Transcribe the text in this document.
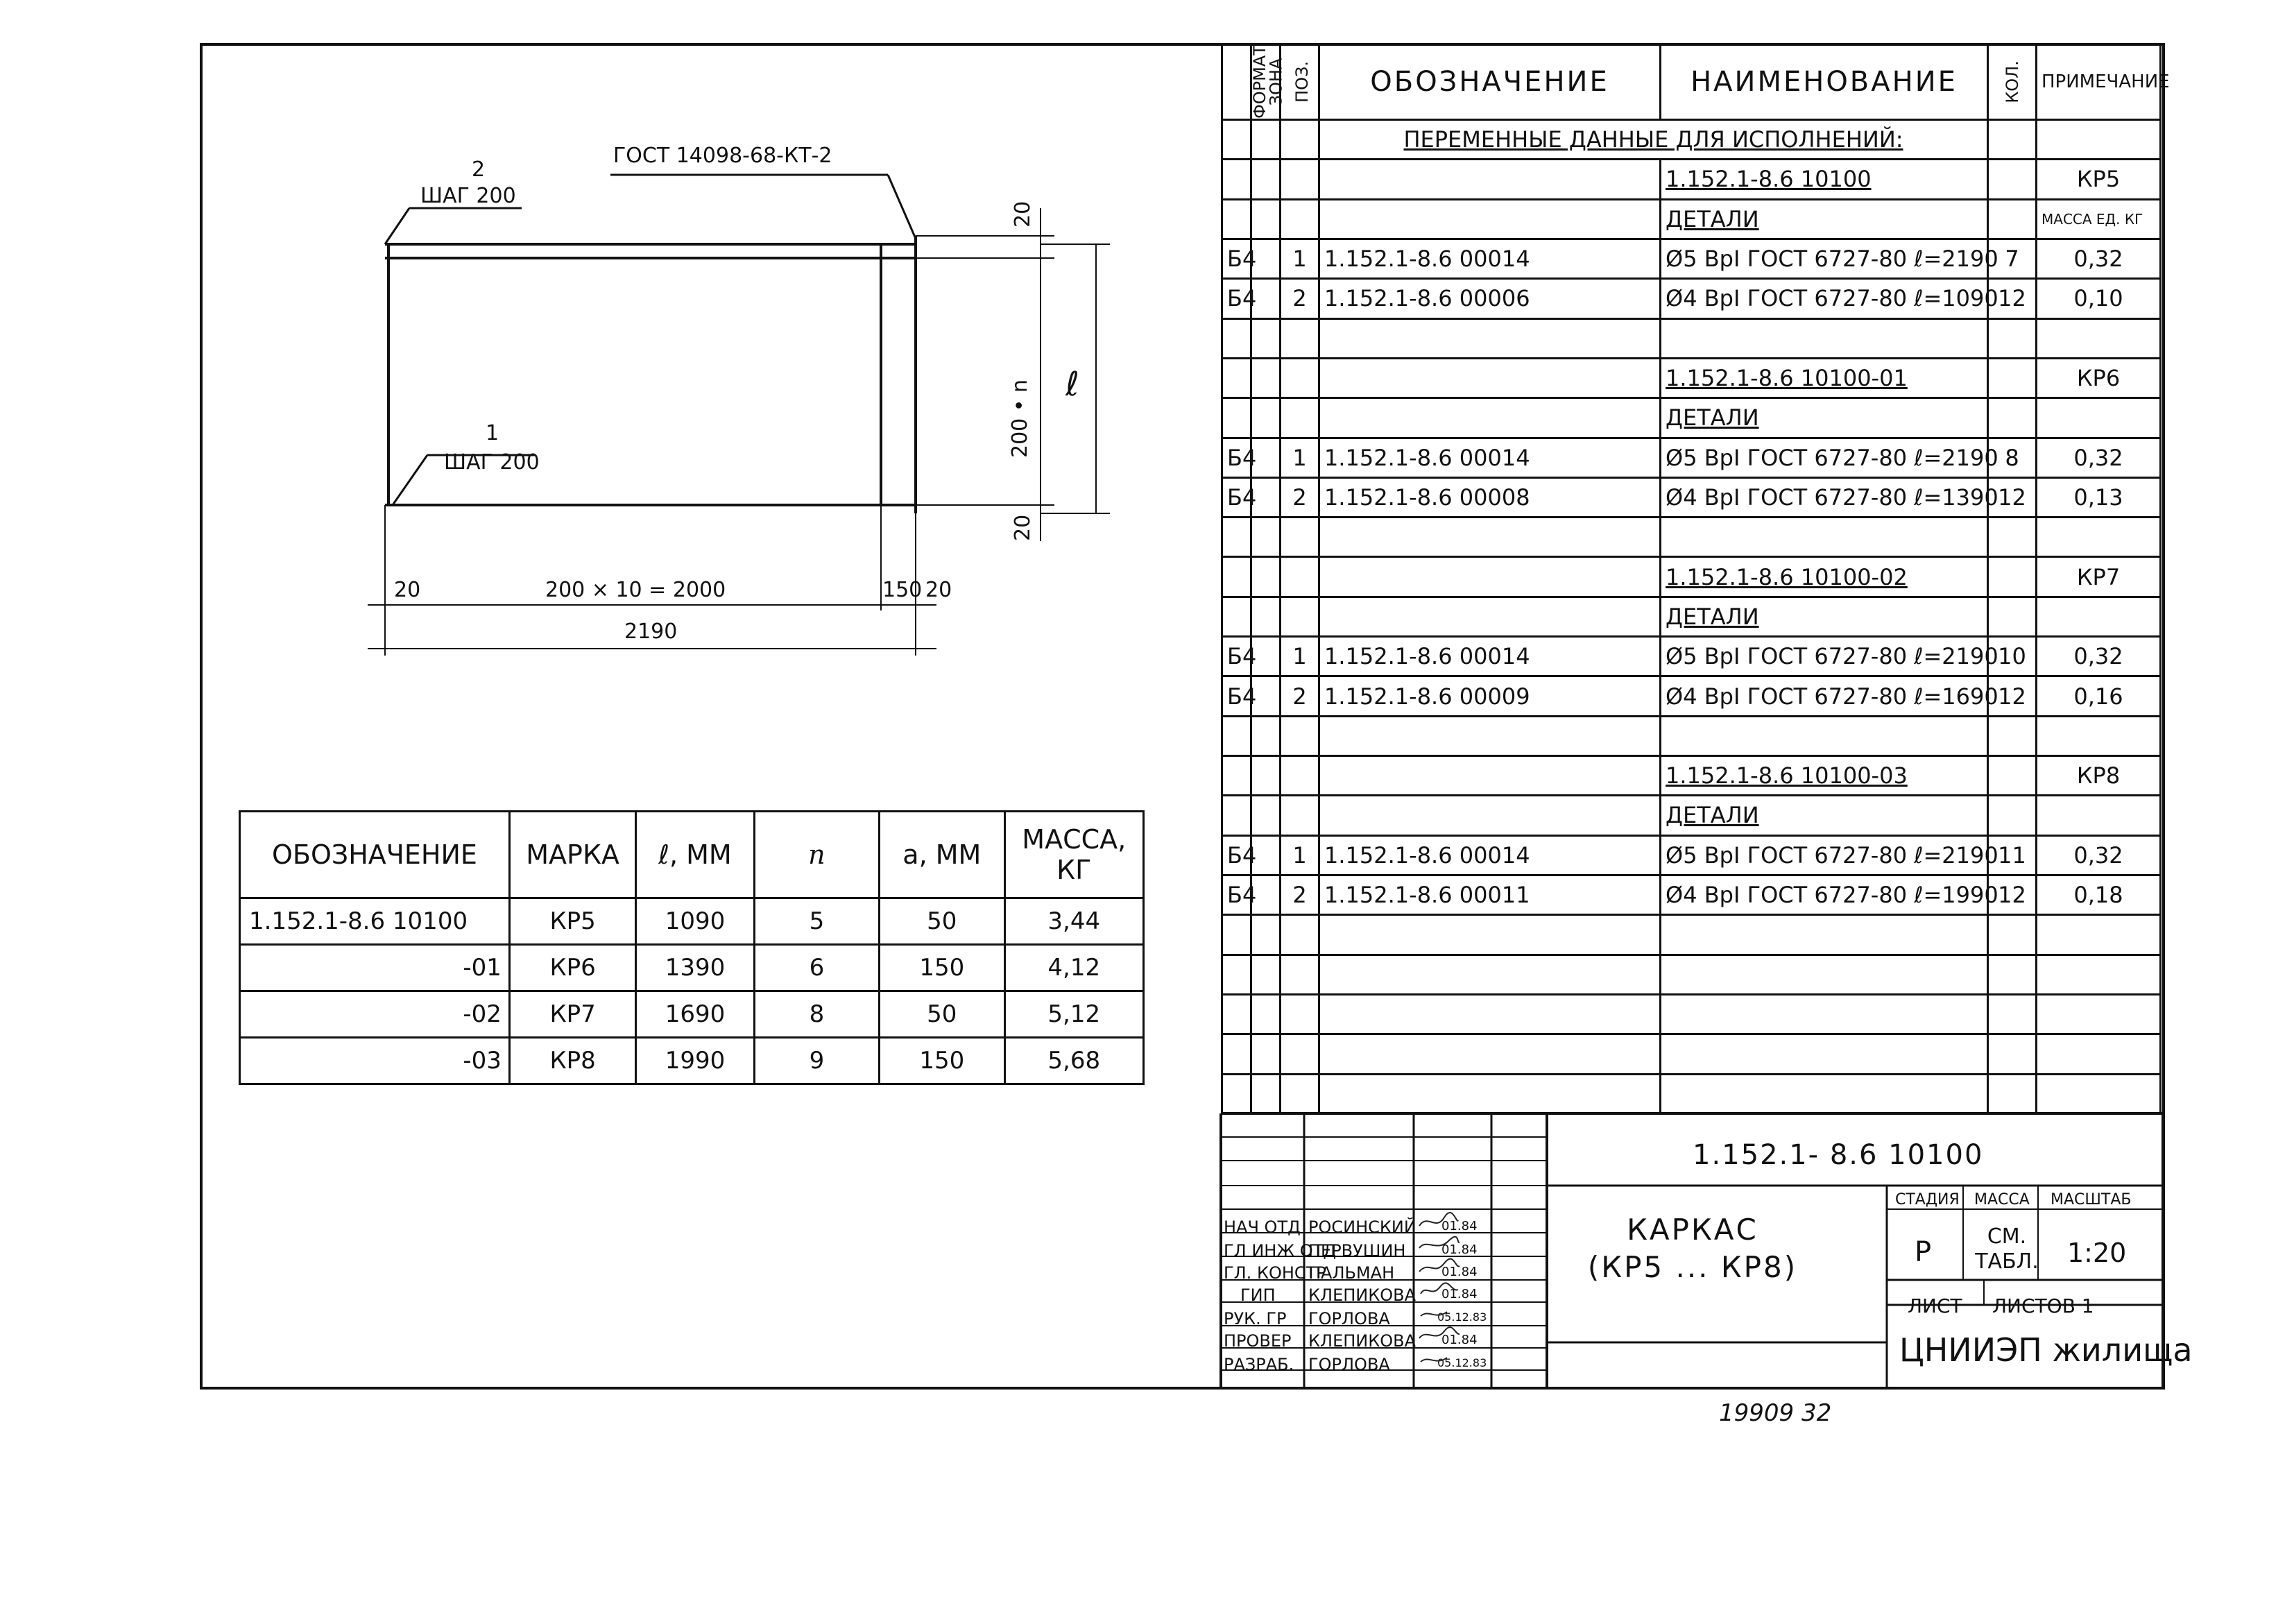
2
ШАГ 200
1
ШАГ 200
ГОСТ 14098-68-КТ-2
20
200 • n ℓ
20
20	200 × 10 = 2000	150 20
2190
ФОРМАТ	ЗОНА	ПОЗ.	ОБОЗНАЧЕНИЕ	НАИМЕНОВАНИЕ	КОЛ.	ПРИМЕЧАНИЕ
			ПЕРЕМЕННЫЕ ДАННЫЕ ДЛЯ ИСПОЛНЕНИЙ:			
				1.152.1-8.6 10100		КР5
				ДЕТАЛИ		МАССА ЕД. КГ
Б4		1	1.152.1-8.6 00014	Ø5 ВрI ГОСТ 6727-80 ℓ=2190	7	0,32
Б4		2	1.152.1-8.6 00006	Ø4 ВрI ГОСТ 6727-80 ℓ=1090	12	0,10

				1.152.1-8.6 10100-01		КР6
				ДЕТАЛИ		
Б4		1	1.152.1-8.6 00014	Ø5 ВрI ГОСТ 6727-80 ℓ=2190	8	0,32
Б4		2	1.152.1-8.6 00008	Ø4 ВрI ГОСТ 6727-80 ℓ=1390	12	0,13

				1.152.1-8.6 10100-02		КР7
				ДЕТАЛИ		
Б4		1	1.152.1-8.6 00014	Ø5 ВрI ГОСТ 6727-80 ℓ=2190	10	0,32
Б4		2	1.152.1-8.6 00009	Ø4 ВрI ГОСТ 6727-80 ℓ=1690	12	0,16

				1.152.1-8.6 10100-03		КР8
				ДЕТАЛИ		
Б4		1	1.152.1-8.6 00014	Ø5 ВрI ГОСТ 6727-80 ℓ=2190	11	0,32
Б4		2	1.152.1-8.6 00011	Ø4 ВрI ГОСТ 6727-80 ℓ=1990	12	0,18

ОБОЗНАЧЕНИЕ	МАРКА	ℓ, ММ	n	a, ММ	МАССА, КГ
1.152.1-8.6 10100	КР5	1090	5	50	3,44
-01	КР6	1390	6	150	4,12
-02	КР7	1690	8	50	5,12
-03	КР8	1990	9	150	5,68
1.152.1- 8.6 10100
КАРКАС
(КР5 ... КР8)
СТАДИЯ МАССА МАСШТАБ
Р	СМ. ТАБЛ. 1:20
ЛИСТ ЛИСТОВ 1
ЦНИИЭП жилища
НАЧ ОТД РОСИНСКИЙ 01.84
ГЛ ИНЖ ОТД
ПЕРВУШИН	01.84
ГЛ. КОНСТР
ПАЛЬМАН	01.84
ГИП КЛЕПИКОВА 01.84
РУК. ГР ГОРЛОВА	05.12.83
ПРОВЕР КЛЕПИКОВА 01.84
РАЗРАБ. ГОРЛОВА	05.12.83
19909 32
